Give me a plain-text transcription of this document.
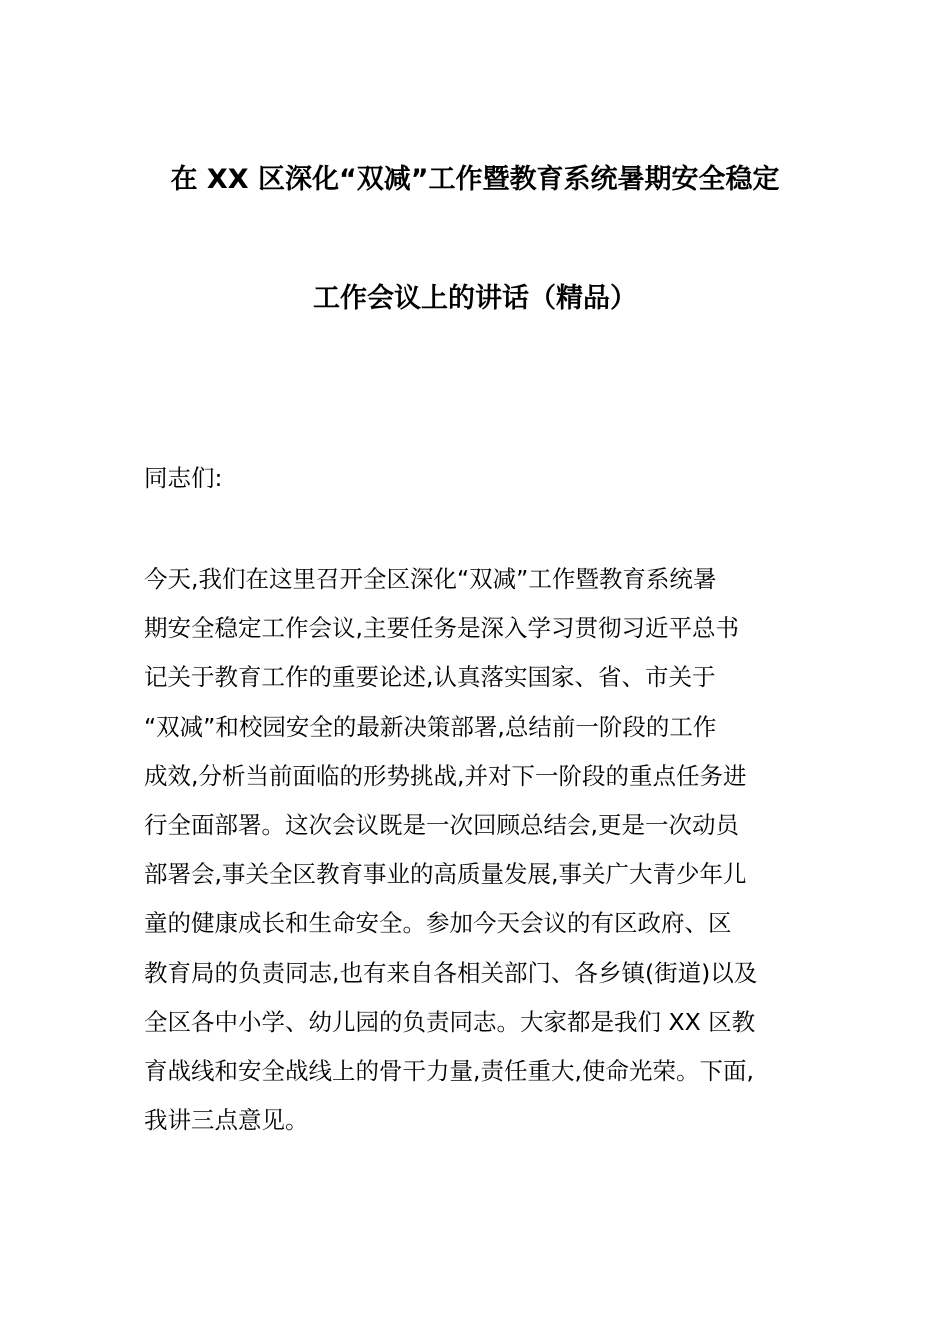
在 XX 区深化“双减”工作暨教育系统暑期安全稳定
工作会议上的讲话（精品）
同志们:
今天,我们在这里召开全区深化“双减”工作暨教育系统暑
期安全稳定工作会议,主要任务是深入学习贯彻习近平总书
记关于教育工作的重要论述,认真落实国家、省、市关于
“双减”和校园安全的最新决策部署,总结前一阶段的工作
成效,分析当前面临的形势挑战,并对下一阶段的重点任务进
行全面部署。这次会议既是一次回顾总结会,更是一次动员
部署会,事关全区教育事业的高质量发展,事关广大青少年儿
童的健康成长和生命安全。参加今天会议的有区政府、区
教育局的负责同志,也有来自各相关部门、各乡镇(街道)以及
全区各中小学、幼儿园的负责同志。大家都是我们 XX 区教
育战线和安全战线上的骨干力量,责任重大,使命光荣。下面,
我讲三点意见。
